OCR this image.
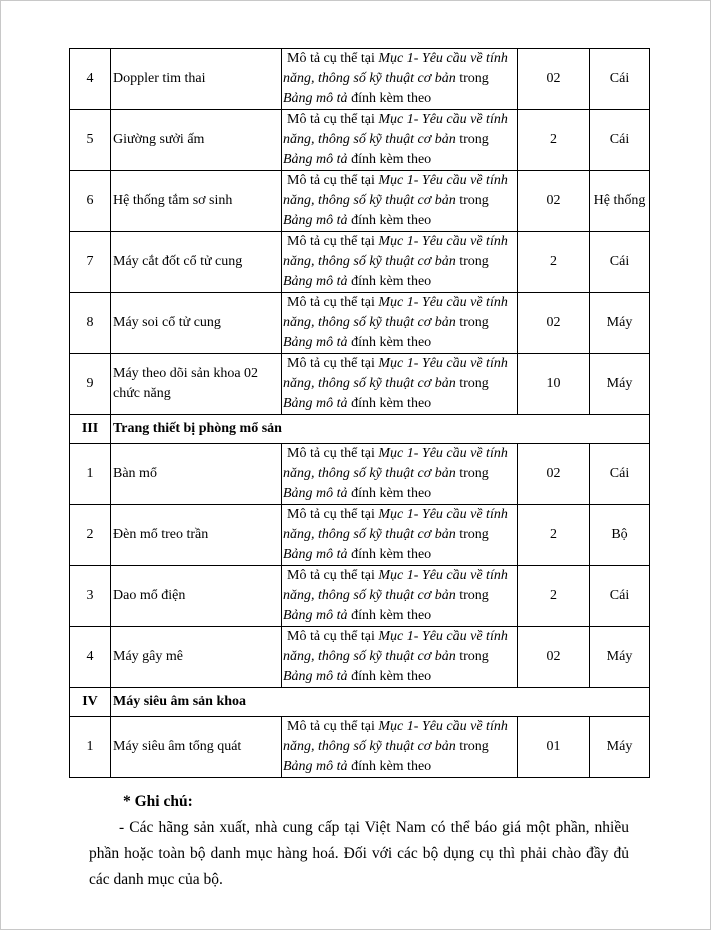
4	Doppler tim thai	Mô tả cụ thể tại Mục 1- Yêu cầu về tính
năng, thông số kỹ thuật cơ bản trong
Bảng mô tả đính kèm theo	02	Cái
5	Giường sưởi ấm	Mô tả cụ thể tại Mục 1- Yêu cầu về tính
năng, thông số kỹ thuật cơ bản trong
Bảng mô tả đính kèm theo	2	Cái
6	Hệ thống tắm sơ sinh	Mô tả cụ thể tại Mục 1- Yêu cầu về tính
năng, thông số kỹ thuật cơ bản trong
Bảng mô tả đính kèm theo	02	Hệ thống
7	Máy cắt đốt cổ tử cung	Mô tả cụ thể tại Mục 1- Yêu cầu về tính
năng, thông số kỹ thuật cơ bản trong
Bảng mô tả đính kèm theo	2	Cái
8	Máy soi cổ tử cung	Mô tả cụ thể tại Mục 1- Yêu cầu về tính
năng, thông số kỹ thuật cơ bản trong
Bảng mô tả đính kèm theo	02	Máy
9	Máy theo dõi sản khoa 02 chức năng	Mô tả cụ thể tại Mục 1- Yêu cầu về tính
năng, thông số kỹ thuật cơ bản trong
Bảng mô tả đính kèm theo	10	Máy
III	Trang thiết bị phòng mổ sản			
1	Bàn mổ	Mô tả cụ thể tại Mục 1- Yêu cầu về tính
năng, thông số kỹ thuật cơ bản trong
Bảng mô tả đính kèm theo	02	Cái
2	Đèn mổ treo trần	Mô tả cụ thể tại Mục 1- Yêu cầu về tính
năng, thông số kỹ thuật cơ bản trong
Bảng mô tả đính kèm theo	2	Bộ
3	Dao mổ điện	Mô tả cụ thể tại Mục 1- Yêu cầu về tính
năng, thông số kỹ thuật cơ bản trong
Bảng mô tả đính kèm theo	2	Cái
4	Máy gây mê	Mô tả cụ thể tại Mục 1- Yêu cầu về tính
năng, thông số kỹ thuật cơ bản trong
Bảng mô tả đính kèm theo	02	Máy
IV	Máy siêu âm sản khoa			
1	Máy siêu âm tổng quát	Mô tả cụ thể tại Mục 1- Yêu cầu về tính
năng, thông số kỹ thuật cơ bản trong
Bảng mô tả đính kèm theo	01	Máy
* Ghi chú:

- Các hãng sản xuất, nhà cung cấp tại Việt Nam có thể báo giá một phần, nhiều phần hoặc toàn bộ danh mục hàng hoá. Đối với các bộ dụng cụ thì phải chào đầy đủ các danh mục của bộ.
